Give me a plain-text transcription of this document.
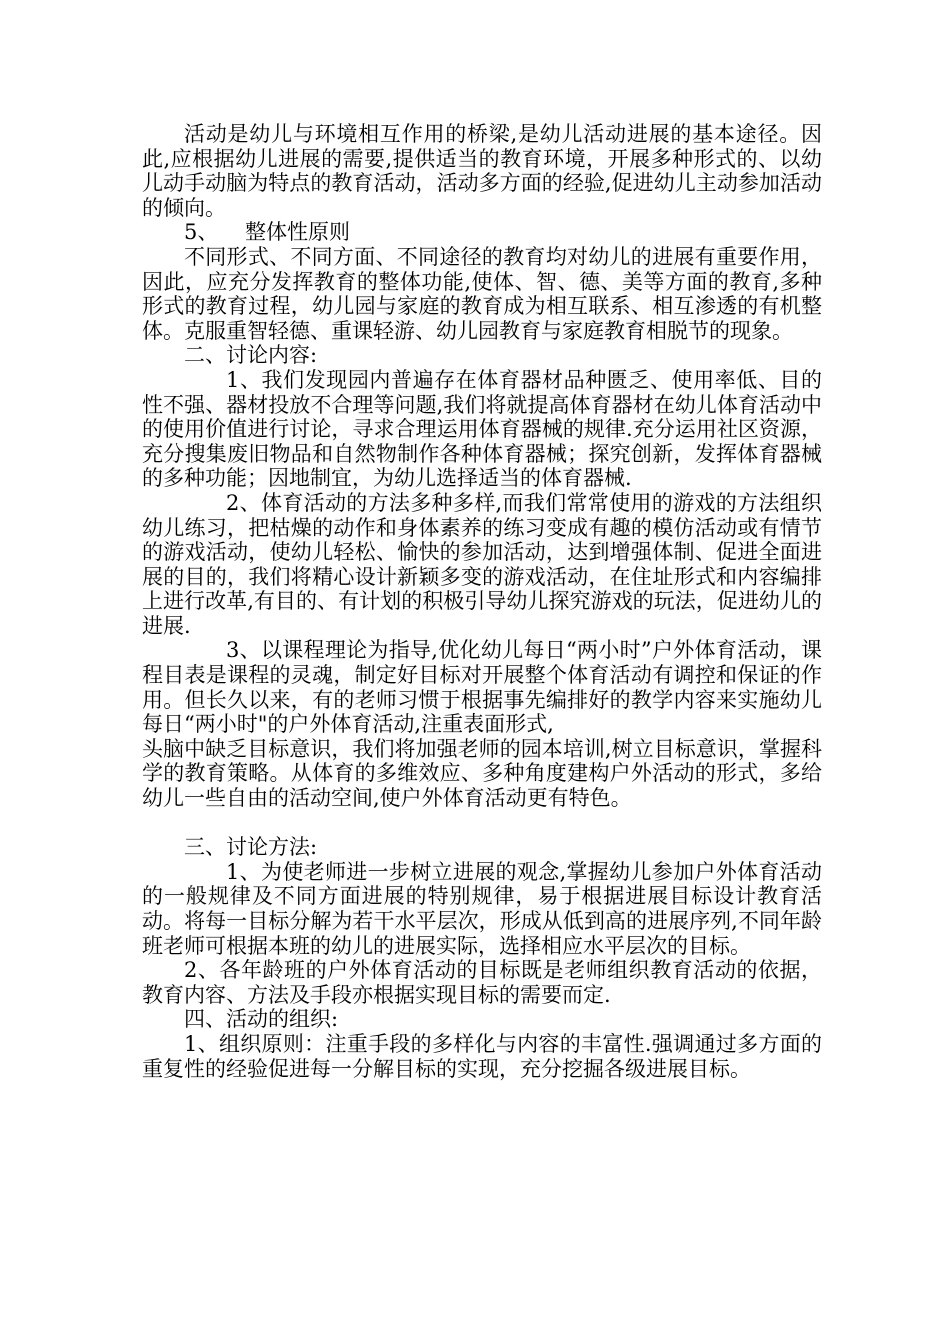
活动是幼儿与环境相互作用的桥梁,是幼儿活动进展的基本途径。因此,应根据幼儿进展的需要,提供适当的教育环境，开展多种形式的、以幼儿动手动脑为特点的教育活动，活动多方面的经验,促进幼儿主动参加活动的倾向。

5、    整体性原则

不同形式、不同方面、不同途径的教育均对幼儿的进展有重要作用，因此，应充分发挥教育的整体功能,使体、智、德、美等方面的教育,多种形式的教育过程，幼儿园与家庭的教育成为相互联系、相互渗透的有机整体。克服重智轻德、重课轻游、幼儿园教育与家庭教育相脱节的现象。

二、讨论内容:

1、我们发现园内普遍存在体育器材品种匮乏、使用率低、目的性不强、器材投放不合理等问题,我们将就提高体育器材在幼儿体育活动中的使用价值进行讨论，寻求合理运用体育器械的规律.充分运用社区资源，充分搜集废旧物品和自然物制作各种体育器械；探究创新，发挥体育器械的多种功能；因地制宜，为幼儿选择适当的体育器械.

2、体育活动的方法多种多样,而我们常常使用的游戏的方法组织幼儿练习，把枯燥的动作和身体素养的练习变成有趣的模仿活动或有情节的游戏活动，使幼儿轻松、愉快的参加活动，达到增强体制、促进全面进展的目的，我们将精心设计新颖多变的游戏活动，在住址形式和内容编排上进行改革,有目的、有计划的积极引导幼儿探究游戏的玩法，促进幼儿的进展.

3、以课程理论为指导,优化幼儿每日“两小时”户外体育活动，课程目表是课程的灵魂，制定好目标对开展整个体育活动有调控和保证的作用。但长久以来，有的老师习惯于根据事先编排好的教学内容来实施幼儿每日“两小时"的户外体育活动,注重表面形式,

头脑中缺乏目标意识，我们将加强老师的园本培训,树立目标意识，掌握科学的教育策略。从体育的多维效应、多种角度建构户外活动的形式，多给幼儿一些自由的活动空间,使户外体育活动更有特色。

三、讨论方法:

1、为使老师进一步树立进展的观念,掌握幼儿参加户外体育活动的一般规律及不同方面进展的特别规律，易于根据进展目标设计教育活动。将每一目标分解为若干水平层次，形成从低到高的进展序列,不同年龄班老师可根据本班的幼儿的进展实际，选择相应水平层次的目标。

2、各年龄班的户外体育活动的目标既是老师组织教育活动的依据，教育内容、方法及手段亦根据实现目标的需要而定.

四、活动的组织:

1、组织原则：注重手段的多样化与内容的丰富性.强调通过多方面的重复性的经验促进每一分解目标的实现，充分挖掘各级进展目标。
